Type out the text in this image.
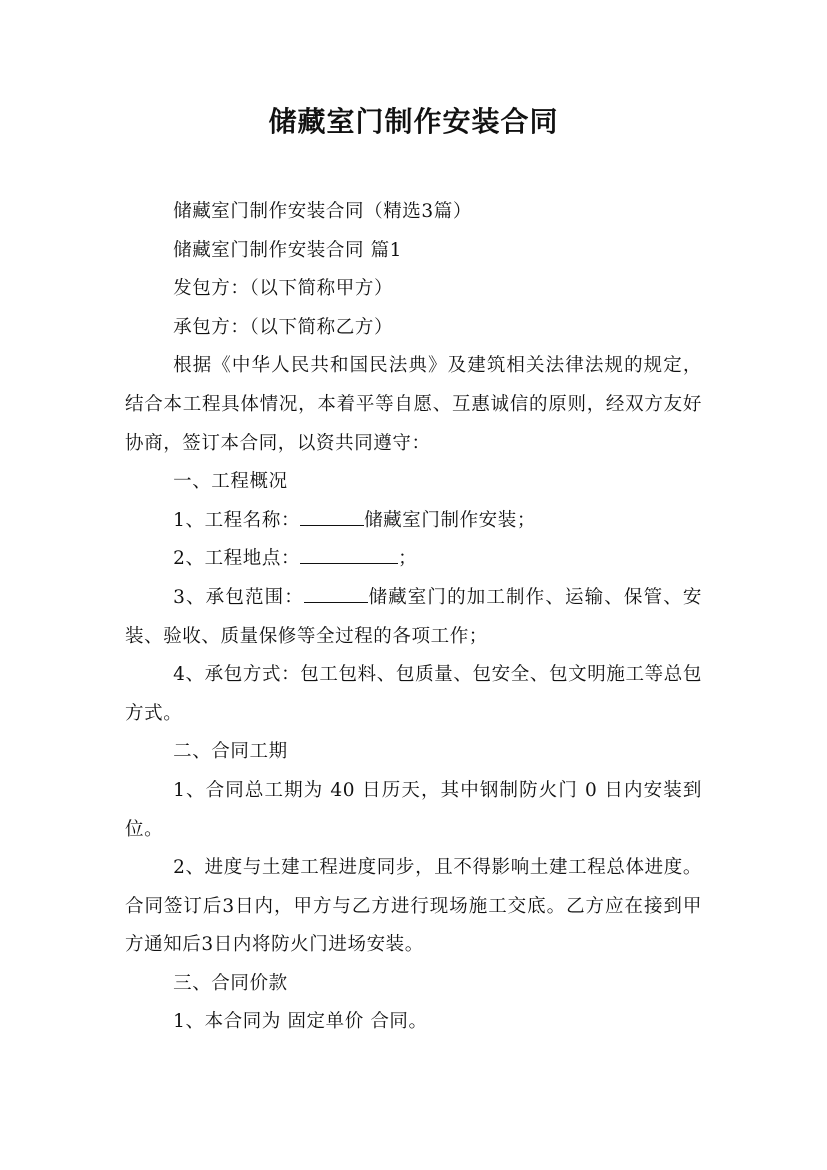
储藏室门制作安装合同

储藏室门制作安装合同（精选3篇）

储藏室门制作安装合同 篇1

发包方：（以下简称甲方）

承包方：（以下简称乙方）

根据《中华人民共和国民法典》及建筑相关法律法规的规定，结合本工程具体情况，本着平等自愿、互惠诚信的原则，经双方友好协商，签订本合同，以资共同遵守：

一、工程概况

1、工程名称：	储藏室门制作安装；

2、工程地点：	；

3、承包范围：	储藏室门的加工制作、运输、保管、安装、验收、质量保修等全过程的各项工作；

4、承包方式：包工包料、包质量、包安全、包文明施工等总包方式。

二、合同工期

1、合同总工期为 40 日历天，其中钢制防火门 0 日内安装到位。

2、进度与土建工程进度同步，且不得影响土建工程总体进度。合同签订后3日内，甲方与乙方进行现场施工交底。乙方应在接到甲方通知后3日内将防火门进场安装。

三、合同价款

1、本合同为 固定单价 合同。
